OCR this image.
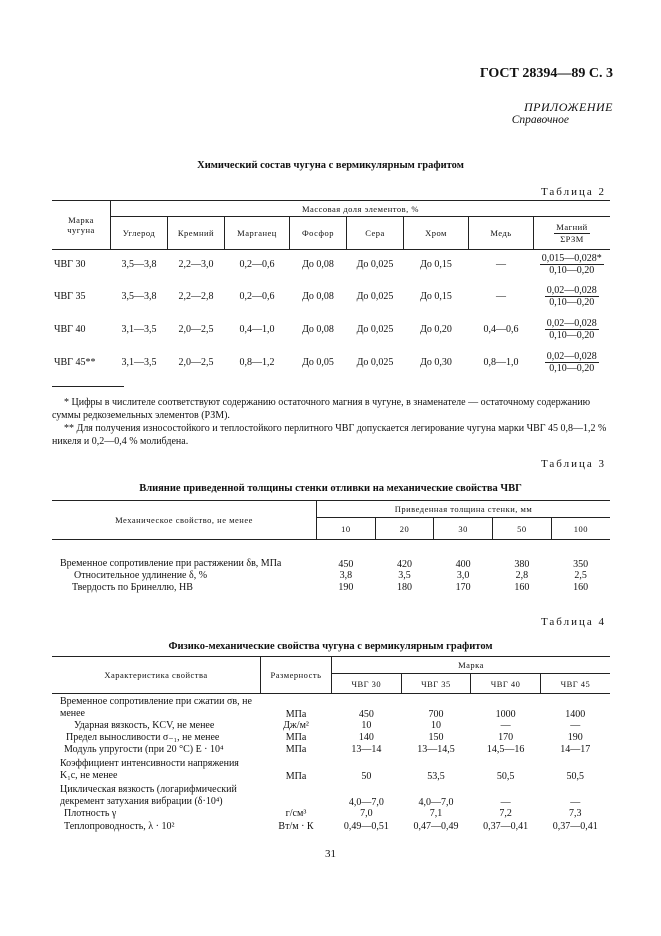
ГОСТ 28394—89 С. 3
ПРИЛОЖЕНИЕ
Справочное
Химический состав чугуна с вермикулярным графитом
Таблица 2
Марка чугуна	Массовая доля элементов, %							
	Углерод	Кремний	Марганец	Фосфор	Сера	Хром	Медь	$\frac{\text{Магний}}{\text{ΣРЗМ}}$
ЧВГ 30	3,5—3,8	2,2—3,0	0,2—0,6	До 0,08	До 0,025	До 0,15	—	$\frac{0,015—0,028*}{0,10—0,20}$
ЧВГ 35	3,5—3,8	2,2—2,8	0,2—0,6	До 0,08	До 0,025	До 0,15	—	$\frac{0,02—0,028}{0,10—0,20}$
ЧВГ 40	3,1—3,5	2,0—2,5	0,4—1,0	До 0,08	До 0,025	До 0,20	0,4—0,6	$\frac{0,02—0,028}{0,10—0,20}$
ЧВГ 45**	3,1—3,5	2,0—2,5	0,8—1,2	До 0,05	До 0,025	До 0,30	0,8—1,0	$\frac{0,02—0,028}{0,10—0,20}$
* Цифры в числителе соответствуют содержанию остаточного магния в чугуне, в знаменателе — остаточному содержанию суммы редкоземельных элементов (РЗМ).
** Для получения износостойкого и теплостойкого перлитного ЧВГ допускается легирование чугуна марки ЧВГ 45 0,8—1,2 % никеля и 0,2—0,4 % молибдена.
Таблица 3
Влияние приведенной толщины стенки отливки на механические свойства ЧВГ
Механическое свойство, не менее	Приведенная толщина стенки, мм				
	10	20	30	50	100
Временное сопротивление при растяжении δв, МПа	450	420	400	380	350
Относительное удлинение δ, %	3,8	3,5	3,0	2,8	2,5
Твердость по Бринеллю, НВ	190	180	170	160	160
Таблица 4
Физико-механические свойства чугуна с вермикулярным графитом
Характеристика свойства	Размерность	Марка			
		ЧВГ 30	ЧВГ 35	ЧВГ 40	ЧВГ 45
Временное сопротивление при сжатии σв, не менее	МПа	450	700	1000	1400
Ударная вязкость, KCV, не менее	Дж/м²	10	10	—	—
Предел выносливости σ₋₁, не менее	МПа	140	150	170	190
Модуль упругости (при 20 °С) Е · 10⁴	МПа	13—14	13—14,5	14,5—16	14—17
Коэффициент интенсивности напряжения K₁с, не менее	МПа	50	53,5	50,5	50,5
Циклическая вязкость (логарифмический декремент затухания вибрации (δ·10⁴)		4,0—7,0	4,0—7,0	—	—
Плотность γ	г/см³	7,0	7,1	7,2	7,3
Теплопроводность, λ · 10²	Вт/м · К	0,49—0,51	0,47—0,49	0,37—0,41	0,37—0,41
31
